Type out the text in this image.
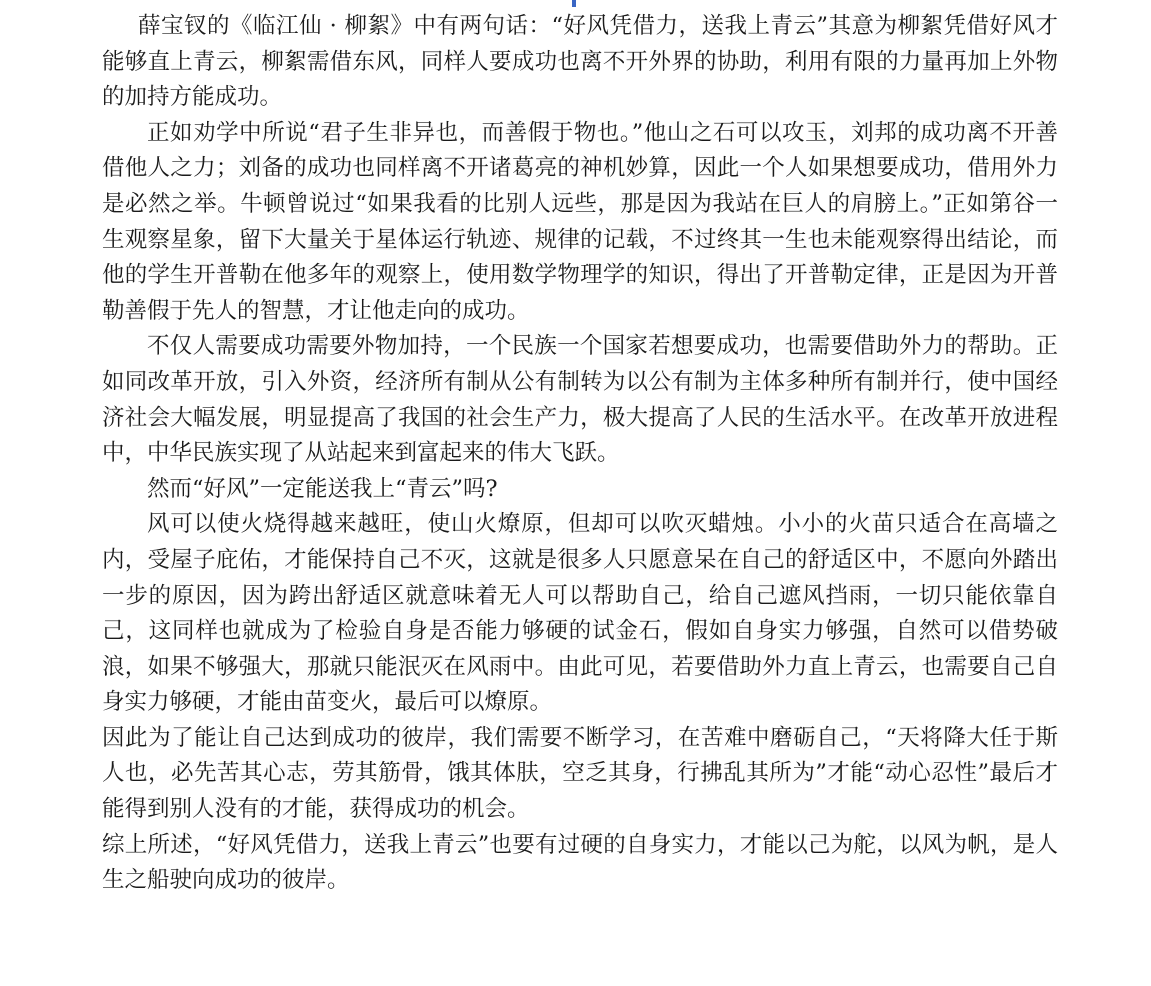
薛宝钗的《临江仙 · 柳絮》中有两句话：“好风凭借力，送我上青云”其意为柳絮凭借好风才能够直上青云，柳絮需借东风，同样人要成功也离不开外界的协助，利用有限的力量再加上外物的加持方能成功。

正如劝学中所说“君子生非异也，而善假于物也。”他山之石可以攻玉，刘邦的成功离不开善借他人之力；刘备的成功也同样离不开诸葛亮的神机妙算，因此一个人如果想要成功，借用外力是必然之举。牛顿曾说过“如果我看的比别人远些，那是因为我站在巨人的肩膀上。”正如第谷一生观察星象，留下大量关于星体运行轨迹、规律的记载，不过终其一生也未能观察得出结论，而他的学生开普勒在他多年的观察上，使用数学物理学的知识，得出了开普勒定律，正是因为开普勒善假于先人的智慧，才让他走向的成功。

不仅人需要成功需要外物加持，一个民族一个国家若想要成功，也需要借助外力的帮助。正如同改革开放，引入外资，经济所有制从公有制转为以公有制为主体多种所有制并行，使中国经济社会大幅发展，明显提高了我国的社会生产力，极大提高了人民的生活水平。在改革开放进程中，中华民族实现了从站起来到富起来的伟大飞跃。

然而“好风”一定能送我上“青云”吗?

风可以使火烧得越来越旺，使山火燎原，但却可以吹灭蜡烛。小小的火苗只适合在高墙之内，受屋子庇佑，才能保持自己不灭，这就是很多人只愿意呆在自己的舒适区中，不愿向外踏出一步的原因，因为跨出舒适区就意味着无人可以帮助自己，给自己遮风挡雨，一切只能依靠自己，这同样也就成为了检验自身是否能力够硬的试金石，假如自身实力够强，自然可以借势破浪，如果不够强大，那就只能泯灭在风雨中。由此可见，若要借助外力直上青云，也需要自己自身实力够硬，才能由苗变火，最后可以燎原。

因此为了能让自己达到成功的彼岸，我们需要不断学习，在苦难中磨砺自己，“天将降大任于斯人也，必先苦其心志，劳其筋骨，饿其体肤，空乏其身，行拂乱其所为”才能“动心忍性”最后才能得到别人没有的才能，获得成功的机会。

综上所述，“好风凭借力，送我上青云”也要有过硬的自身实力，才能以己为舵，以风为帆，是人生之船驶向成功的彼岸。
